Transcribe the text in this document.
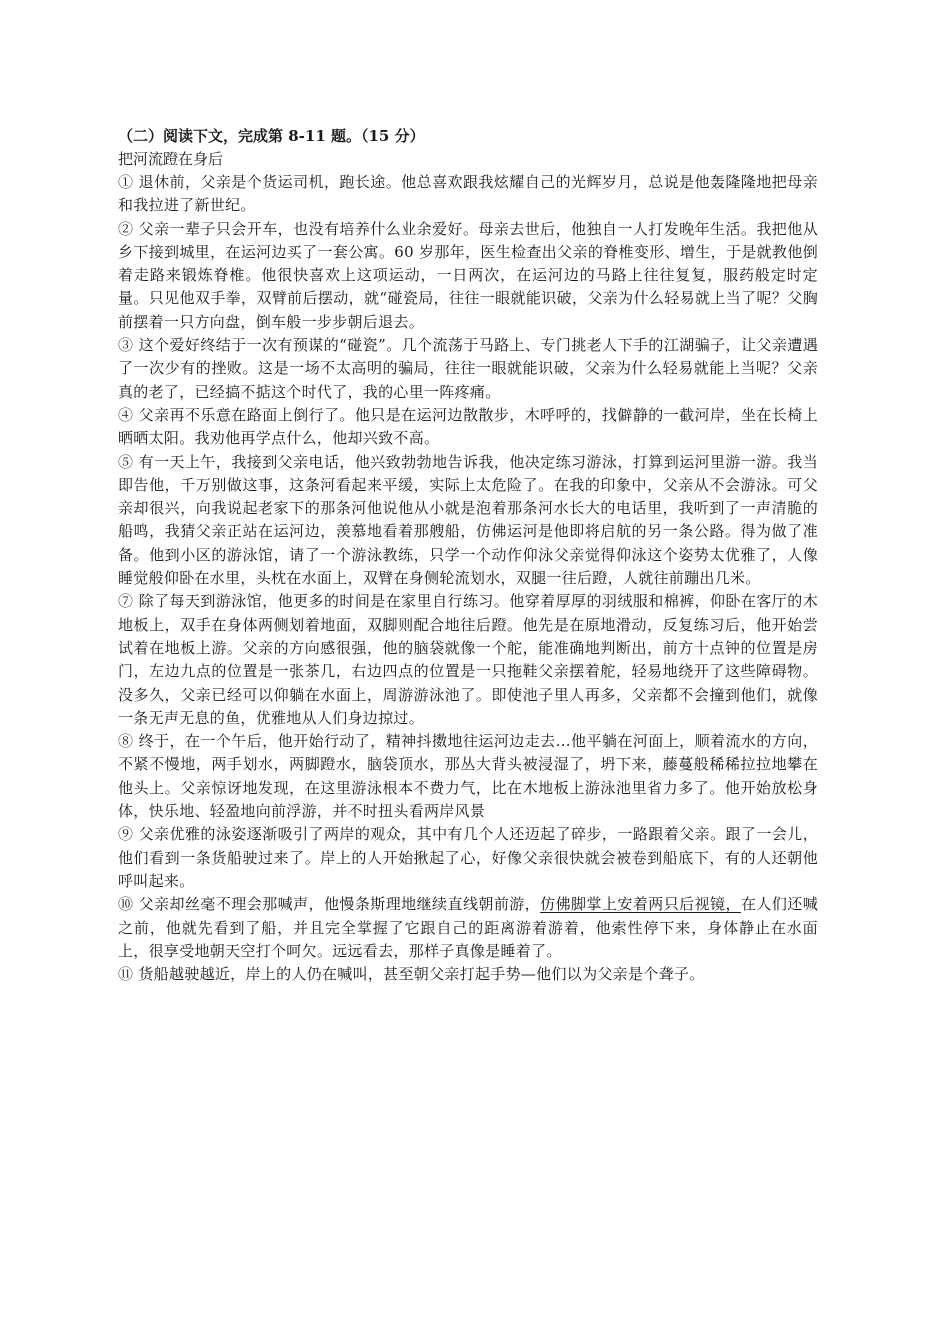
（二）阅读下文，完成第 8-11 题。（15 分）
把河流蹬在身后

① 退休前，父亲是个货运司机，跑长途。他总喜欢跟我炫耀自己的光辉岁月，总说是他轰隆隆地把母亲和我拉进了新世纪。

② 父亲一辈子只会开车，也没有培养什么业余爱好。母亲去世后，他独自一人打发晚年生活。我把他从乡下接到城里，在运河边买了一套公寓。60 岁那年，医生检查出父亲的脊椎变形、增生，于是就教他倒着走路来锻炼脊椎。他很快喜欢上这项运动，一日两次，在运河边的马路上往往复复，服药般定时定量。只见他双手拳，双臂前后摆动，就“碰瓷局，往往一眼就能识破，父亲为什么轻易就上当了呢？父胸前摆着一只方向盘，倒车般一步步朝后退去。

③ 这个爱好终结于一次有预谋的“碰瓷”。几个流荡于马路上、专门挑老人下手的江湖骗子，让父亲遭遇了一次少有的挫败。这是一场不太高明的骗局，往往一眼就能识破，父亲为什么轻易就能上当呢？父亲真的老了，已经搞不掂这个时代了，我的心里一阵疼痛。

④ 父亲再不乐意在路面上倒行了。他只是在运河边散散步，木呼呼的，找僻静的一截河岸，坐在长椅上晒晒太阳。我劝他再学点什么，他却兴致不高。

⑤ 有一天上午，我接到父亲电话，他兴致勃勃地告诉我，他决定练习游泳，打算到运河里游一游。我当即告他，千万别做这事，这条河看起来平缓，实际上太危险了。在我的印象中，父亲从不会游泳。可父亲却很兴，向我说起老家下的那条河他说他从小就是泡着那条河水长大的电话里，我听到了一声清脆的船鸣，我猜父亲正站在运河边，羡慕地看着那艘船，仿佛运河是他即将启航的另一条公路。得为做了准备。他到小区的游泳馆，请了一个游泳教练，只学一个动作仰泳父亲觉得仰泳这个姿势太优雅了，人像睡觉般仰卧在水里，头枕在水面上，双臂在身侧轮流划水，双腿一往后蹬，人就往前蹦出几米。

⑦ 除了每天到游泳馆，他更多的时间是在家里自行练习。他穿着厚厚的羽绒服和棉裤，仰卧在客厅的木地板上，双手在身体两侧划着地面，双脚则配合地往后蹬。他先是在原地滑动，反复练习后，他开始尝试着在地板上游。父亲的方向感很强，他的脑袋就像一个舵，能准确地判断出，前方十点钟的位置是房门，左边九点的位置是一张茶几，右边四点的位置是一只拖鞋父亲摆着舵，轻易地绕开了这些障碍物。没多久，父亲已经可以仰躺在水面上，周游游泳池了。即使池子里人再多，父亲都不会撞到他们，就像一条无声无息的鱼，优雅地从人们身边掠过。

⑧ 终于，在一个午后，他开始行动了，精神抖擞地往运河边走去…他平躺在河面上，顺着流水的方向，不紧不慢地，两手划水，两脚蹬水，脑袋顶水，那丛大背头被浸湿了，坍下来，藤蔓般稀稀拉拉地攀在他头上。父亲惊讶地发现，在这里游泳根本不费力气，比在木地板上游泳池里省力多了。他开始放松身体，快乐地、轻盈地向前浮游，并不时扭头看两岸风景

⑨ 父亲优雅的泳姿逐渐吸引了两岸的观众，其中有几个人还迈起了碎步，一路跟着父亲。跟了一会儿，他们看到一条货船驶过来了。岸上的人开始揪起了心，好像父亲很快就会被卷到船底下，有的人还朝他呼叫起来。

⑩ 父亲却丝毫不理会那喊声，他慢条斯理地继续直线朝前游，仿佛脚掌上安着两只后视镜，在人们还喊之前，他就先看到了船，并且完全掌握了它跟自己的距离游着游着，他索性停下来，身体静止在水面上，很享受地朝天空打个呵欠。远远看去，那样子真像是睡着了。

⑪ 货船越驶越近，岸上的人仍在喊叫，甚至朝父亲打起手势—他们以为父亲是个聋子。
